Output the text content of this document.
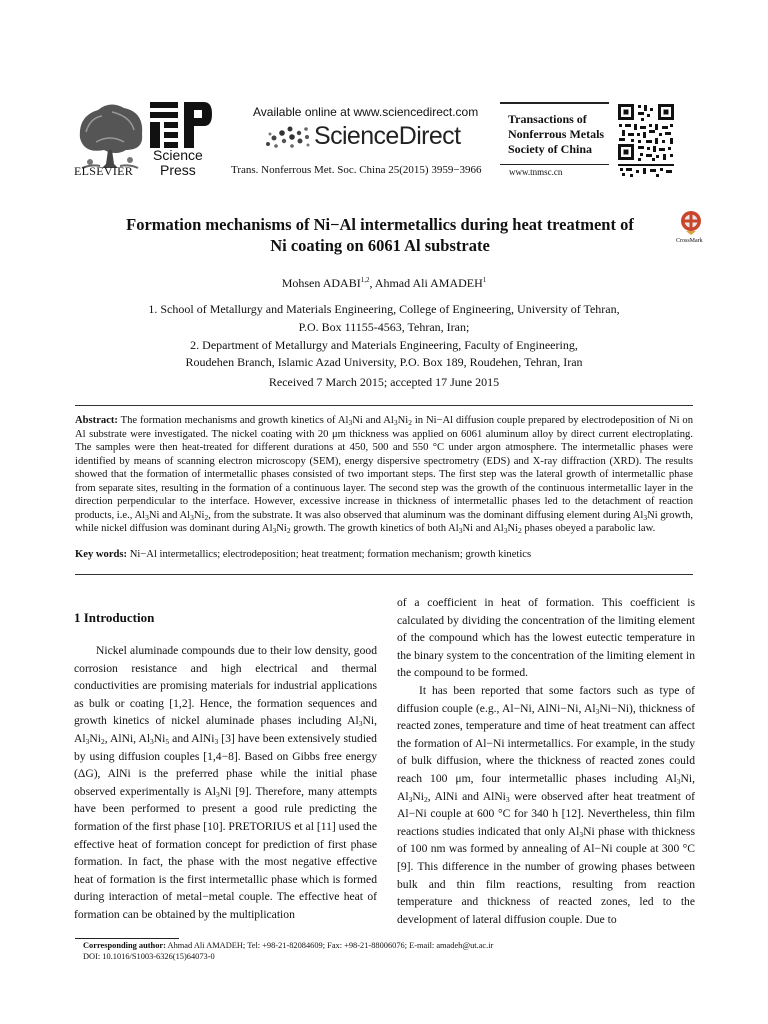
ELSEVIER
Science
Press
Available online at www.sciencedirect.com
ScienceDirect
Trans. Nonferrous Met. Soc. China 25(2015) 3959−3966
Transactions of
Nonferrous Metals
Society of China
www.tnmsc.cn
Formation mechanisms of Ni−Al intermetallics during heat treatment of
Ni coating on 6061 Al substrate	CrossMark
Mohsen ADABI$^{1,2}$, Ahmad Ali AMADEH$^1$
1. School of Metallurgy and Materials Engineering, College of Engineering, University of Tehran,
P.O. Box 11155-4563, Tehran, Iran;
2. Department of Metallurgy and Materials Engineering, Faculty of Engineering,
Roudehen Branch, Islamic Azad University, P.O. Box 189, Roudehen, Tehran, Iran
Received 7 March 2015; accepted 17 June 2015
Abstract: The formation mechanisms and growth kinetics of $Al_3Ni$ and $Al_3Ni_2$ in Ni−Al diffusion couple prepared by electrodeposition of Ni on Al substrate were investigated. The nickel coating with 20 μm thickness was applied on 6061 aluminum alloy by direct current electroplating. The samples were then heat-treated for different durations at 450, 500 and 550 °C under argon atmosphere. The intermetallic phases were identified by means of scanning electron microscopy (SEM), energy dispersive spectrometry (EDS) and X-ray diffraction (XRD). The results showed that the formation of intermetallic phases consisted of two important steps. The first step was the lateral growth of intermetallic phase from separate sites, resulting in the formation of a continuous layer. The second step was the growth of the continuous intermetallic layer in the direction perpendicular to the interface. However, excessive increase in thickness of intermetallic phases led to the detachment of reaction products, i.e., $Al_3Ni$ and $Al_3Ni_2$, from the substrate. It was also observed that aluminum was the dominant diffusing element during $Al_3Ni$ growth, while nickel diffusion was dominant during $Al_3Ni_2$ growth. The growth kinetics of both $Al_3Ni$ and $Al_3Ni_2$ phases obeyed a parabolic law.
Key words: Ni−Al intermetallics; electrodeposition; heat treatment; formation mechanism; growth kinetics
1 Introduction

Nickel aluminade compounds due to their low density, good corrosion resistance and high electrical and thermal conductivities are promising materials for industrial applications as bulk or coating [1,2]. Hence, the formation sequences and growth kinetics of nickel aluminade phases including $Al_3Ni$, $Al_3Ni_2$, AlNi, $Al_3Ni_5$ and AlNi$_3$ [3] have been extensively studied by using diffusion couples [1,4−8]. Based on Gibbs free energy (ΔG), AlNi is the preferred phase while the initial phase observed experimentally is $Al_3Ni$ [9]. Therefore, many attempts have been performed to present a good rule predicting the formation of the first phase [10]. PRETORIUS et al [11] used the effective heat of formation concept for prediction of first phase formation. In fact, the phase with the most negative effective heat of formation is the first intermetallic phase which is formed during interaction of metal−metal couple. The effective heat of formation can be obtained by the multiplication

of a coefficient in heat of formation. This coefficient is calculated by dividing the concentration of the limiting element of the compound which has the lowest eutectic temperature in the binary system to the concentration of the limiting element in the compound to be formed.

It has been reported that some factors such as type of diffusion couple (e.g., Al−Ni, AlNi−Ni, $Al_3Ni-Ni$), thickness of reacted zones, temperature and time of heat treatment can affect the formation of Al−Ni intermetallics. For example, in the study of bulk diffusion, where the thickness of reacted zones could reach 100 μm, four intermetallic phases including $Al_3Ni$, $Al_3Ni_2$, AlNi and AlNi$_3$ were observed after heat treatment of Al−Ni couple at 600 °C for 340 h [12]. Nevertheless, thin film reactions studies indicated that only $Al_3Ni$ phase with thickness of 100 nm was formed by annealing of Al−Ni couple at 300 °C [9]. This difference in the number of growing phases between bulk and thin film reactions, resulting from reaction temperature and thickness of reacted zones, led to the development of lateral diffusion couple. Due to

Corresponding author: Ahmad Ali AMADEH; Tel: +98-21-82084609; Fax: +98-21-88006076; E-mail: amadeh@ut.ac.ir
DOI: 10.1016/S1003-6326(15)64073-0
